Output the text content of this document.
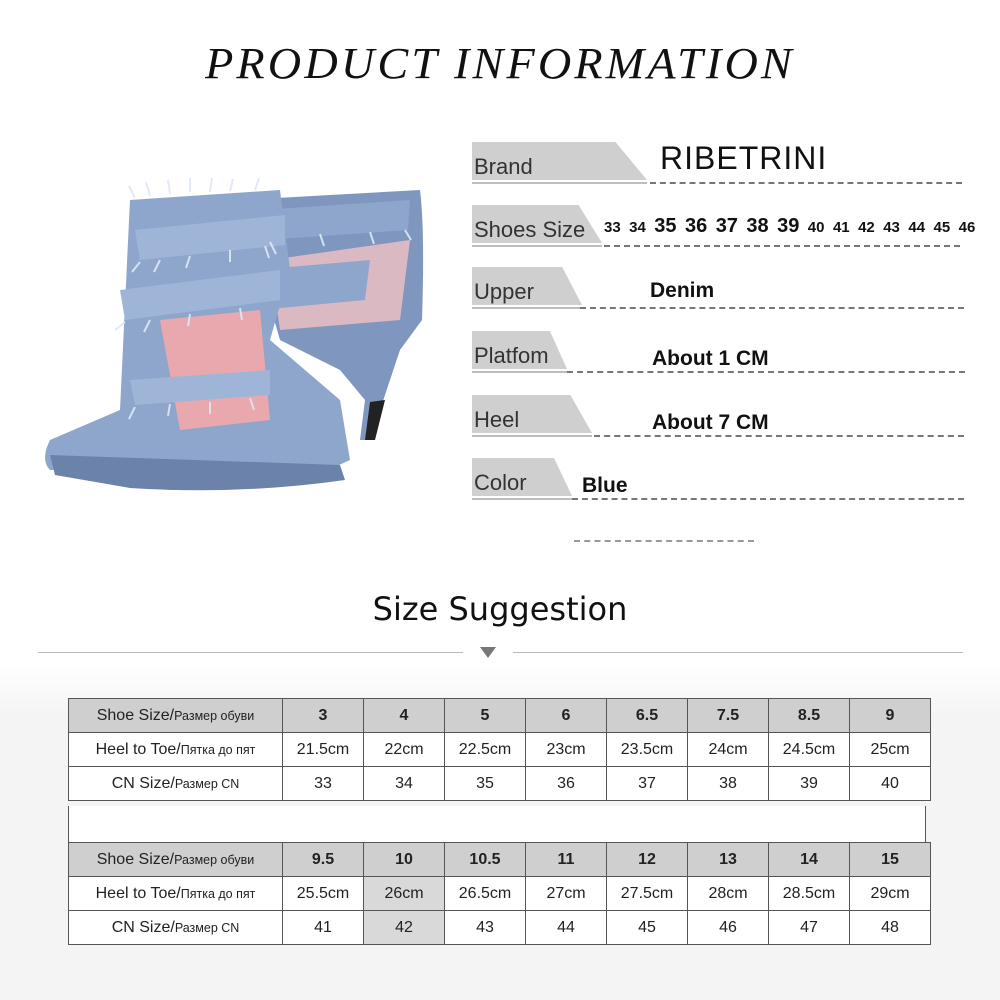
PRODUCT INFORMATION
Brand	RIBETRINI
Shoes Size 33 34 35 36 37 38 39 40 41 42 43 44 45 46
Upper	Denim
Platfom	About 1 CM
Heel	About 7 CM
Color	Blue
Size Suggestion
Shoe Size/Размер обуви	3	4	5	6	6.5	7.5	8.5	9
Heel to Toe/Пятка до пят	21.5cm	22cm	22.5cm	23cm	23.5cm	24cm	24.5cm	25cm
CN Size/Размер CN	33	34	35	36	37	38	39	40
Shoe Size/Размер обуви	9.5	10	10.5	11	12	13	14	15
Heel to Toe/Пятка до пят	25.5cm	26cm	26.5cm	27cm	27.5cm	28cm	28.5cm	29cm
CN Size/Размер CN	41	42	43	44	45	46	47	48
